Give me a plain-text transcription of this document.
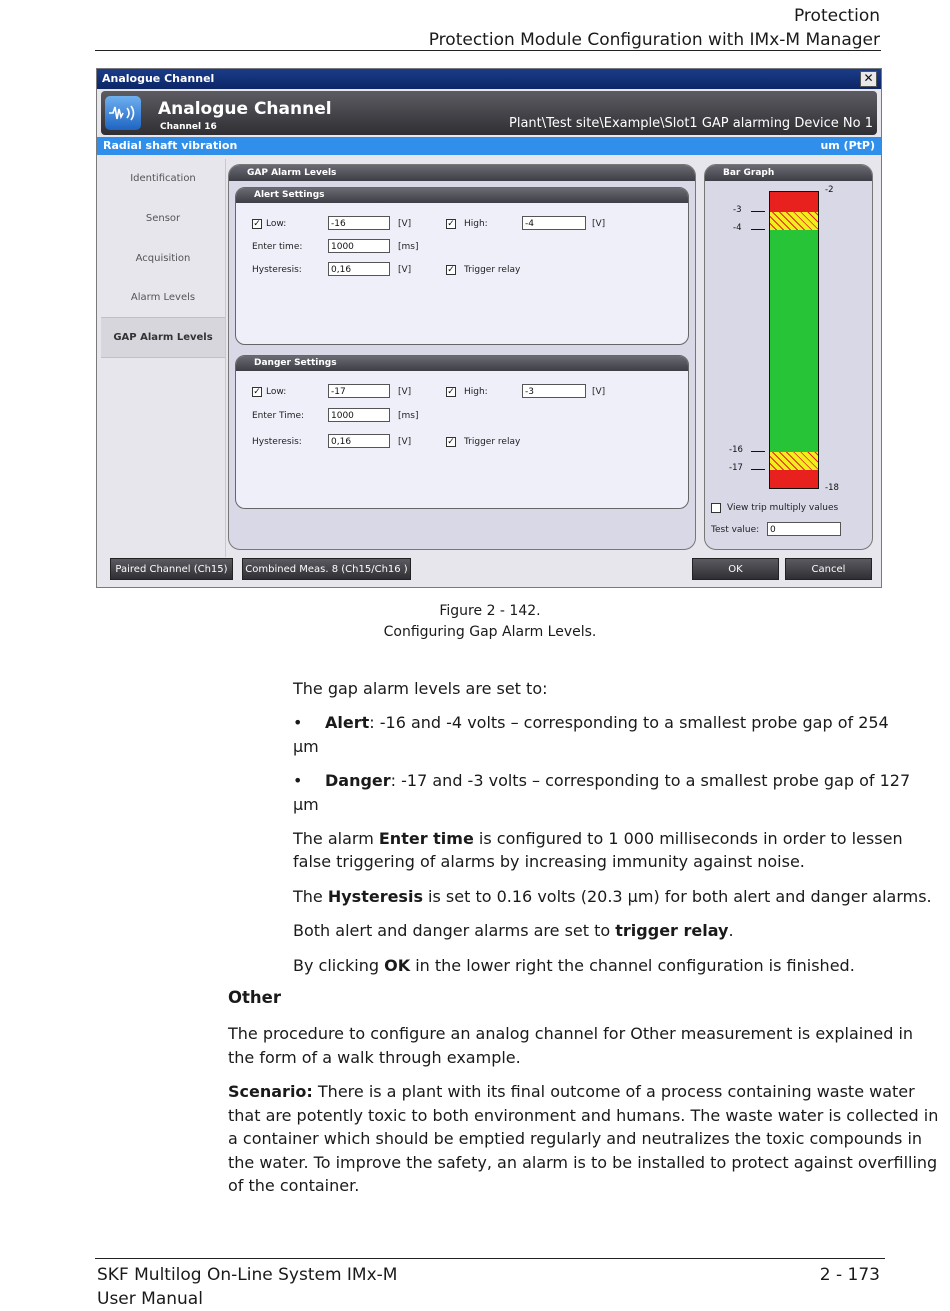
Protection
Protection Module Configuration with IMx-M Manager
Analogue Channel	✕
Analogue Channel
Channel 16	Plant\Test site\Example\Slot1 GAP alarming Device No 1
Radial shaft vibration	um (PtP)
Identification
Sensor
Acquisition
Alarm Levels
GAP Alarm Levels
GAP Alarm Levels
Alert Settings
✓ Low:	-16	[V]	✓ High:	-4	[V]
Enter time:	1000	[ms]
Hysteresis:	0,16	[V]	✓ Trigger relay
Danger Settings
✓ Low:	-17	[V]	✓ High:	-3	[V]
Enter Time:	1000	[ms]
Hysteresis:	0,16	[V]	✓ Trigger relay
Bar Graph
-2
-18
-3
-4
-16
-17
View trip multiply values
Test value:	0
Paired Channel (Ch15)	Combined Meas. 8 (Ch15/Ch16 )	OK	Cancel
Figure 2 - 142.
Configuring Gap Alarm Levels.
The gap alarm levels are set to:
• Alert: -16 and -4 volts – corresponding to a smallest probe gap of 254
μm
• Danger: -17 and -3 volts – corresponding to a smallest probe gap of 127
μm
The alarm Enter time is configured to 1 000 milliseconds in order to lessen
false triggering of alarms by increasing immunity against noise.
The Hysteresis is set to 0.16 volts (20.3 μm) for both alert and danger alarms.
Both alert and danger alarms are set to trigger relay.
By clicking OK in the lower right the channel configuration is finished.
Other
The procedure to configure an analog channel for Other measurement is explained in
the form of a walk through example.
Scenario: There is a plant with its final outcome of a process containing waste water
that are potently toxic to both environment and humans. The waste water is collected in
a container which should be emptied regularly and neutralizes the toxic compounds in
the water. To improve the safety, an alarm is to be installed to protect against overfilling
of the container.
SKF Multilog On-Line System IMx-M
User Manual
2 - 173
